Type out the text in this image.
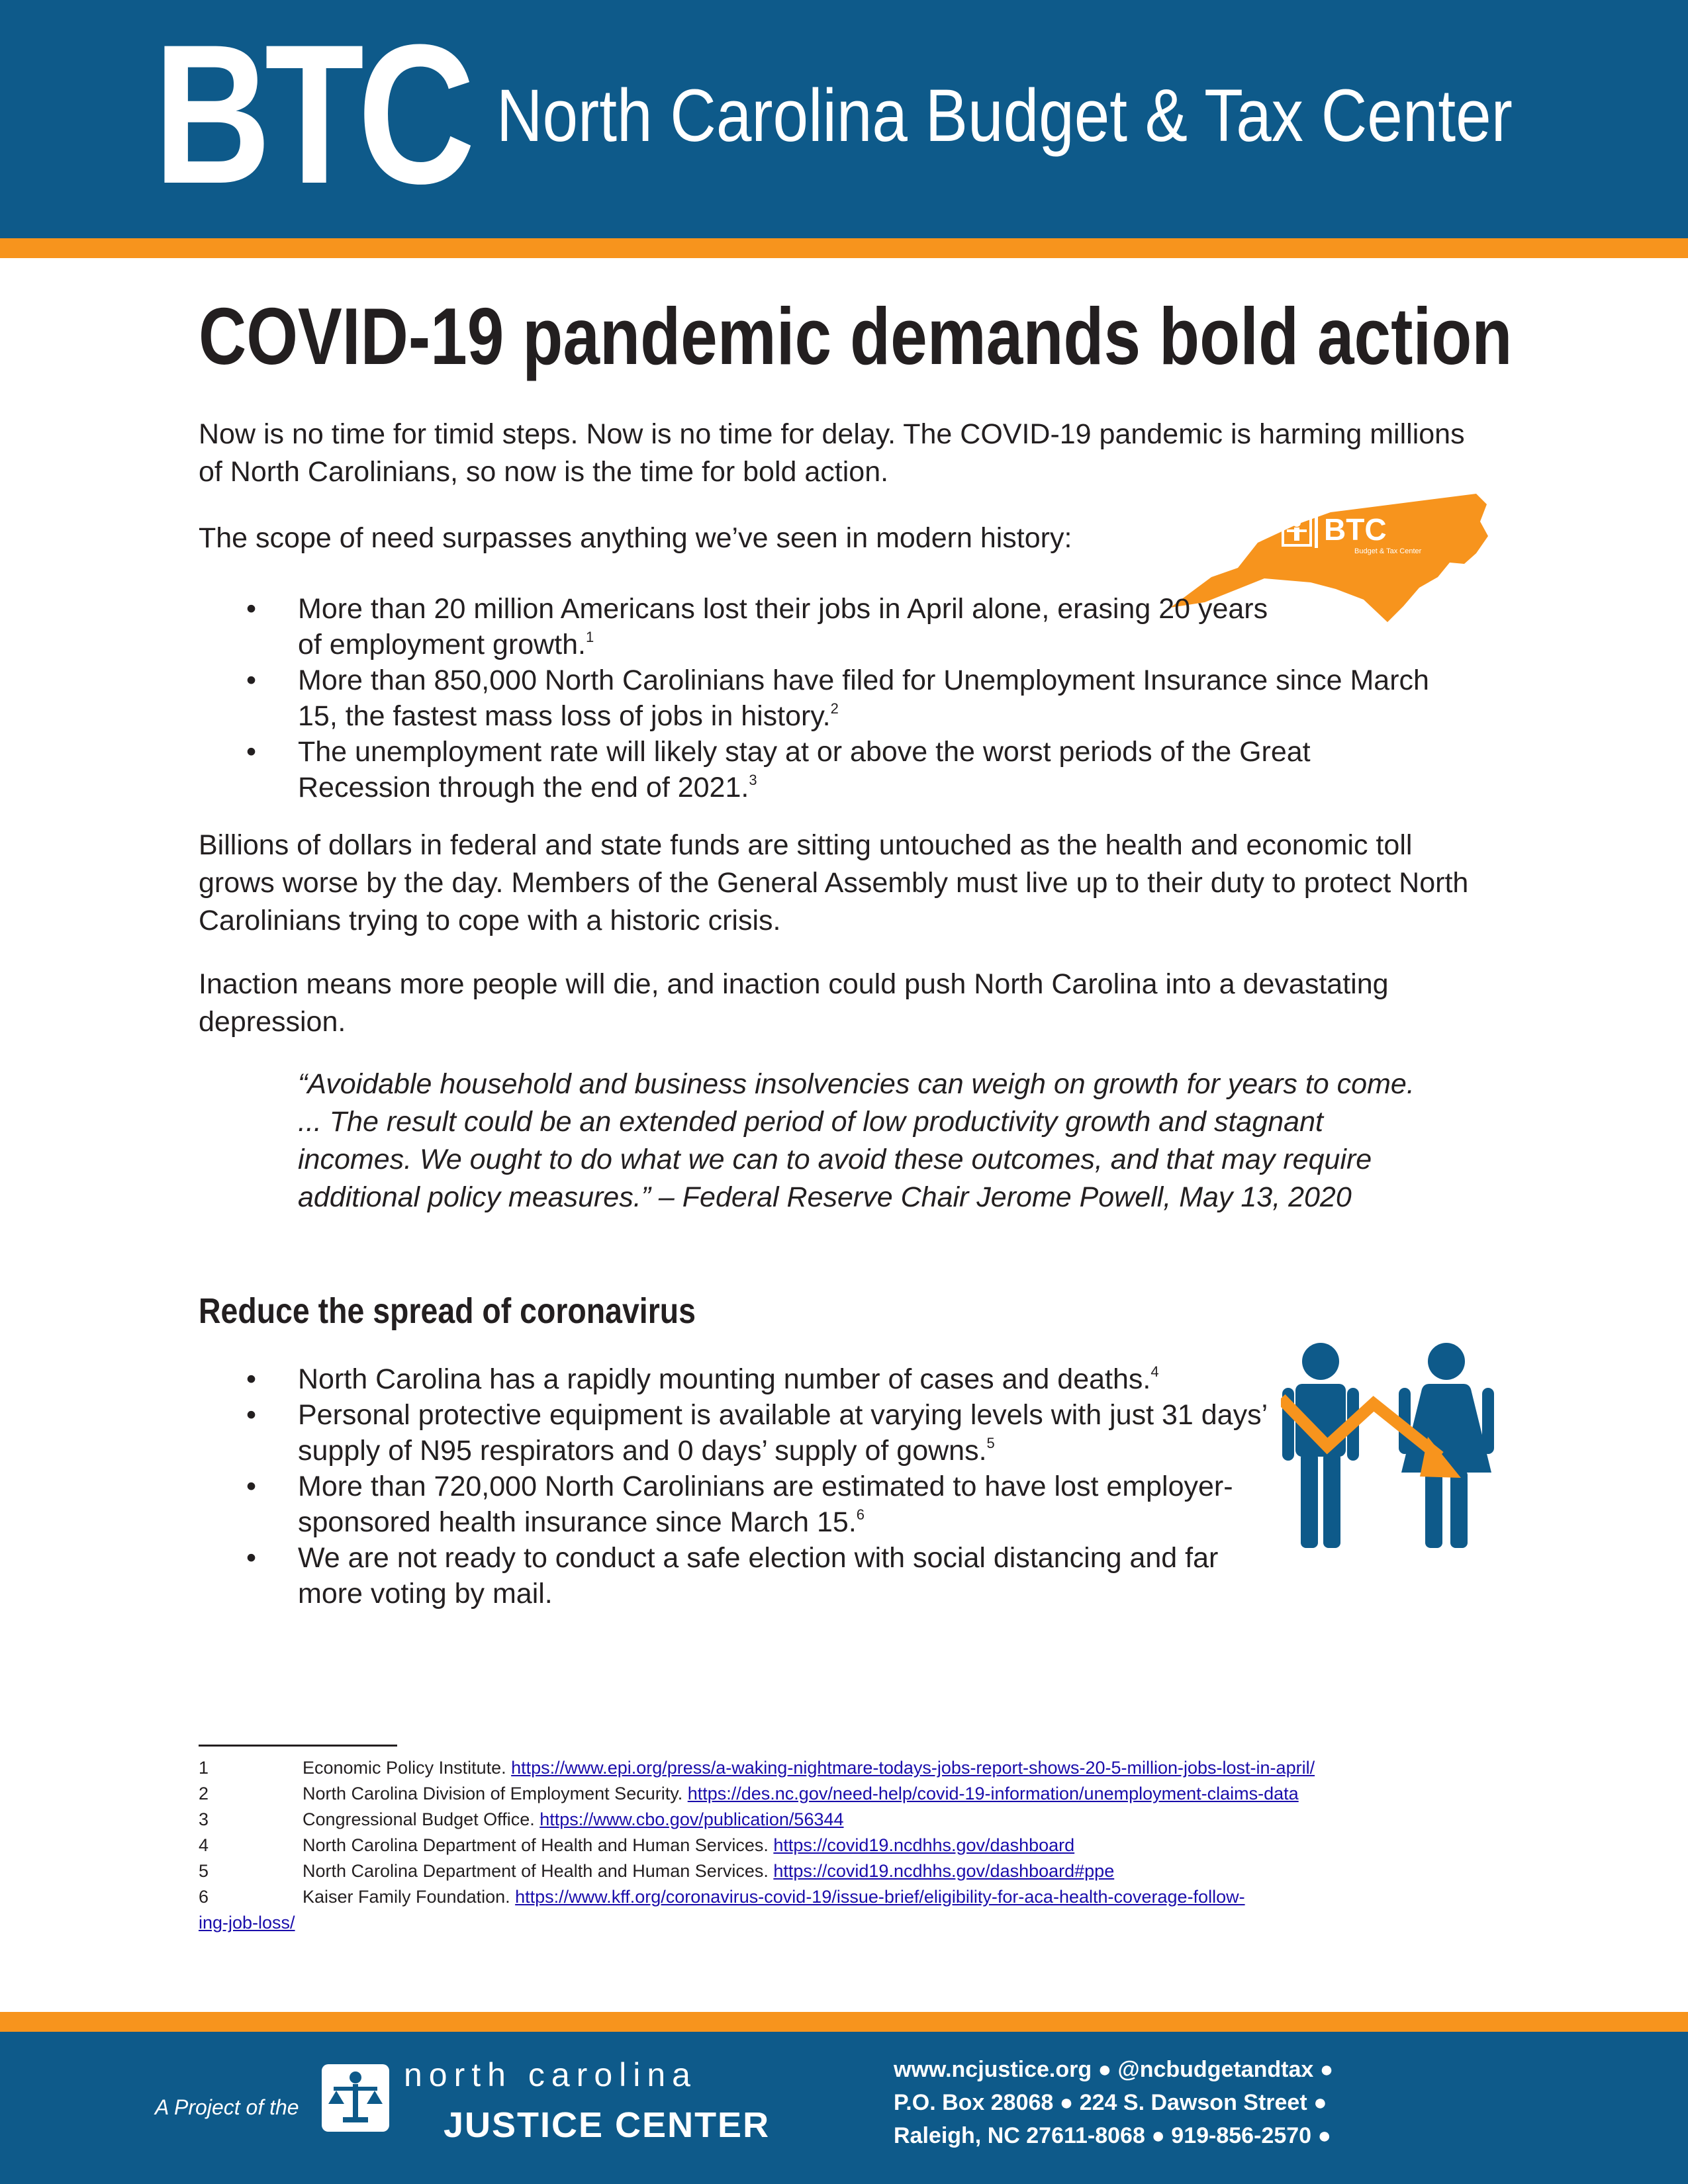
BTC North Carolina Budget & Tax Center
COVID-19 pandemic demands bold action

Now is no time for timid steps. Now is no time for delay. The COVID-19 pandemic is harming millions of North Carolinians, so now is the time for bold action.

The scope of need surpasses anything we’ve seen in modern history:	BTC
Budget & Tax Center
• More than 20 million Americans lost their jobs in April alone, erasing 20 years of employment growth.$^1$
• More than 850,000 North Carolinians have filed for Unemployment Insurance since March 15, the fastest mass loss of jobs in history.$^2$
• The unemployment rate will likely stay at or above the worst periods of the Great Recession through the end of 2021.$^3$

Billions of dollars in federal and state funds are sitting untouched as the health and economic toll grows worse by the day. Members of the General Assembly must live up to their duty to protect North Carolinians trying to cope with a historic crisis.

Inaction means more people will die, and inaction could push North Carolina into a devastating depression.

“Avoidable household and business insolvencies can weigh on growth for years to come. ... The result could be an extended period of low productivity growth and stagnant incomes. We ought to do what we can to avoid these outcomes, and that may require additional policy measures.” – Federal Reserve Chair Jerome Powell, May 13, 2020

Reduce the spread of coronavirus
• North Carolina has a rapidly mounting number of cases and deaths.$^4$
• Personal protective equipment is available at varying levels with just 31 days’ supply of N95 respirators and 0 days’ supply of gowns.$^5$
• More than 720,000 North Carolinians are estimated to have lost employer-sponsored health insurance since March 15.$^6$
• We are not ready to conduct a safe election with social distancing and far more voting by mail.
1	Economic Policy Institute. https://www.epi.org/press/a-waking-nightmare-todays-jobs-report-shows-20-5-million-jobs-lost-in-april/
2	North Carolina Division of Employment Security. https://des.nc.gov/need-help/covid-19-information/unemployment-claims-data
3	Congressional Budget Office. https://www.cbo.gov/publication/56344
4	North Carolina Department of Health and Human Services. https://covid19.ncdhhs.gov/dashboard
5	North Carolina Department of Health and Human Services. https://covid19.ncdhhs.gov/dashboard#ppe
6	Kaiser Family Foundation. https://www.kff.org/coronavirus-covid-19/issue-brief/eligibility-for-aca-health-coverage-follow-
ing-job-loss/
A Project of the
north carolina
JUSTICE CENTER
www.ncjustice.org ● @ncbudgetandtax ●
P.O. Box 28068 ● 224 S. Dawson Street ●
Raleigh, NC 27611-8068 ● 919-856-2570 ●
